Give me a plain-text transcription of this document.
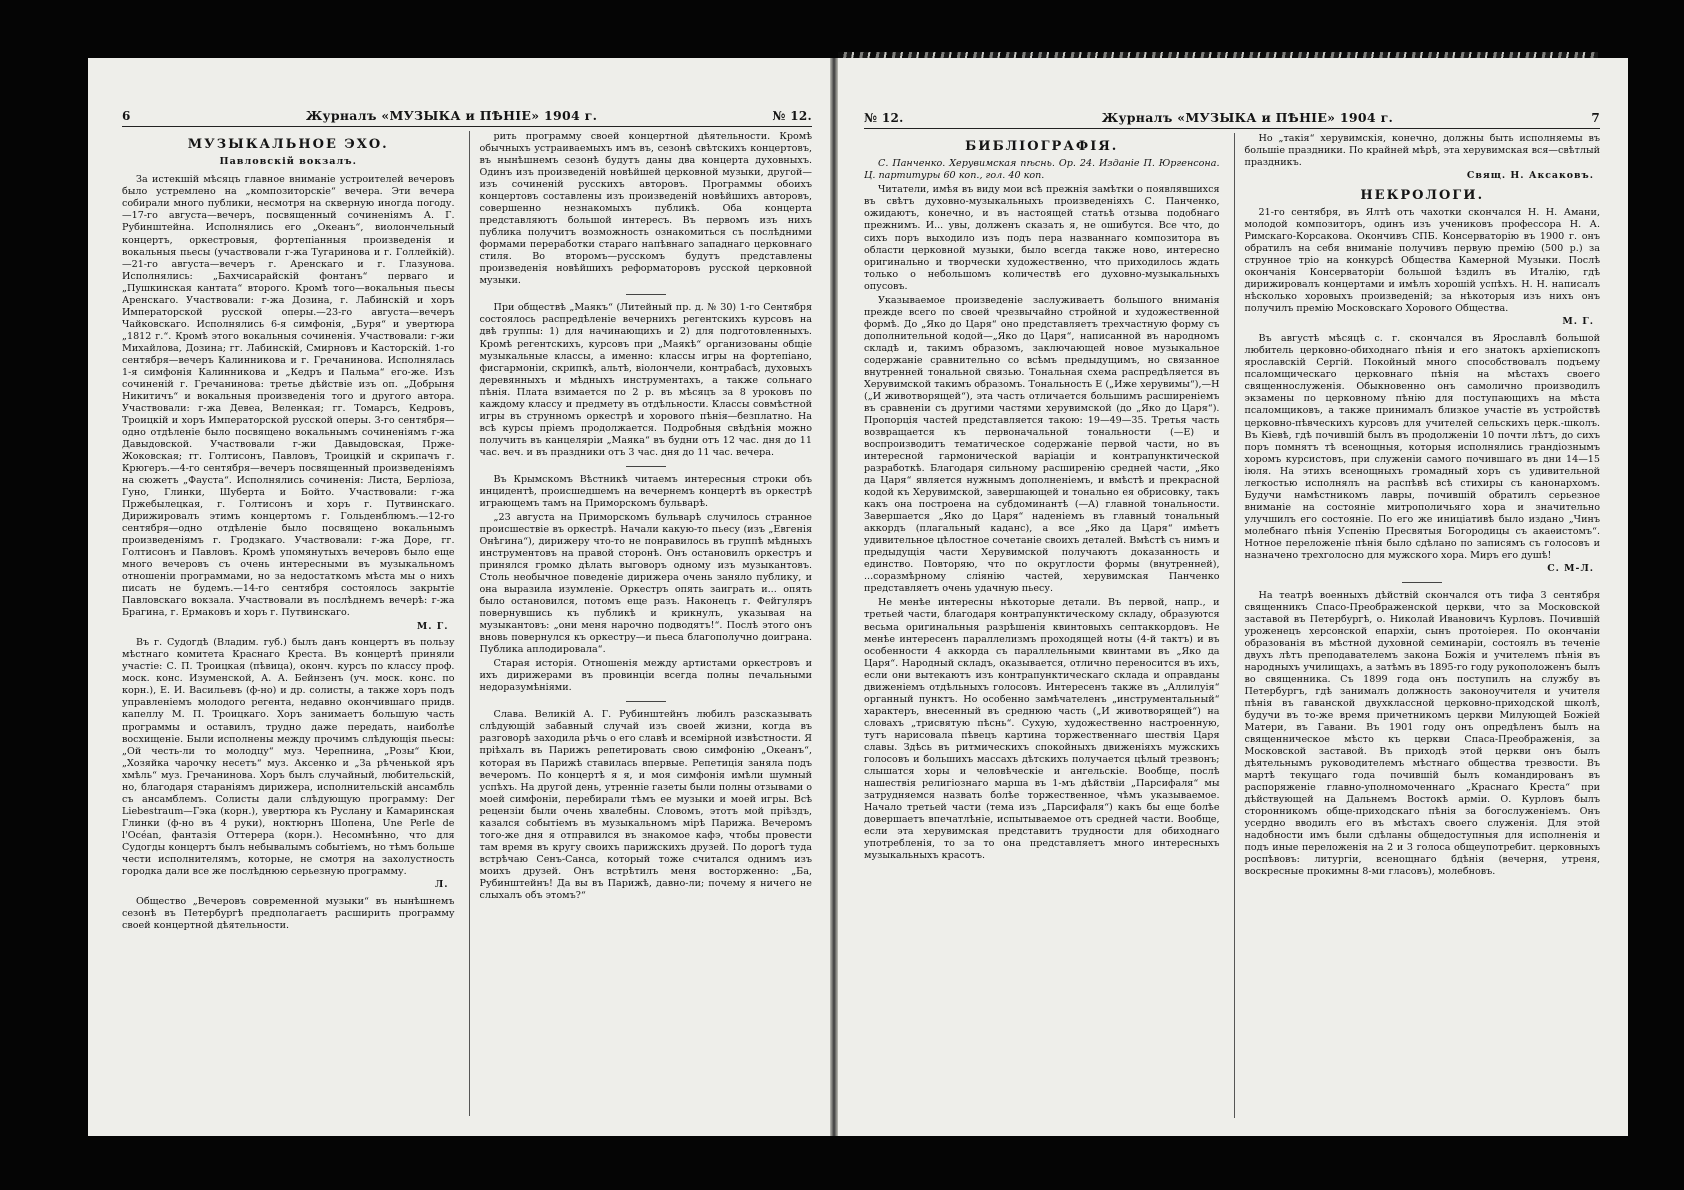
6	Журналъ «МУЗЫКА и ПѢНІЕ» 1904 г.	№ 12.
МУЗЫКАЛЬНОЕ ЭХО.
Павловскій вокзалъ.

За истекшій мѣсяцъ главное вниманіе устроителей вечеровъ было устремлено на „композиторскіе“ вечера. Эти вечера собирали много публики, несмотря на скверную иногда погоду.—17-го августа—вечеръ, посвященный сочиненіямъ А. Г. Рубинштейна. Исполнялись его „Океанъ“, виолончельный концертъ, оркестровыя, фортепіанныя произведенія и вокальныя пьесы (участвовали г-жа Тугаринова и г. Голлейкій).—21-го августа—вечеръ г. Аренскаго и г. Глазунова. Исполнялись: „Бахчисарайскій фонтанъ“ перваго и „Пушкинская кантата“ второго. Кромѣ того—вокальныя пьесы Аренскаго. Участвовали: г-жа Дозина, г. Лабинскій и хоръ Императорской русской оперы.—23-го августа—вечеръ Чайковскаго. Исполнялись 6-я симфонія, „Буря“ и увертюра „1812 г.“. Кромѣ этого вокальныя сочиненія. Участвовали: г-жи Михайлова, Дозина; гг. Лабинскій, Смирновъ и Касторскій. 1-го сентября—вечеръ Калинникова и г. Гречанинова. Исполнялась 1-я симфонія Калинникова и „Кедръ и Пальма“ его-же. Изъ сочиненій г. Гречанинова: третье дѣйствіе изъ оп. „Добрыня Никитичъ“ и вокальныя произведенія того и другого автора. Участвовали: г-жа Девеа, Веленкая; гг. Томарсъ, Кедровъ, Троицкій и хоръ Императорской русской оперы. 3-го сентября—одно отдѣленіе было посвящено вокальнымъ сочиненіямъ г-жа Давыдовской. Участвовали г-жи Давыдовская, Прже-Жоковская; гг. Голтисонъ, Павловъ, Троицкій и скрипачъ г. Крюгеръ.—4-го сентября—вечеръ посвященный произведеніямъ на сюжетъ „Фауста“. Исполнялись сочиненія: Листа, Берліоза, Гуно, Глинки, Шуберта и Бойто. Участвовали: г-жа Пржебылецкая, г. Голтисонъ и хоръ г. Путвинскаго. Дирижировалъ этимъ концертомъ г. Гольденблюмъ.—12-го сентября—одно отдѣленіе было посвящено вокальнымъ произведеніямъ г. Гродзкаго. Участвовали: г-жа Доре, гг. Голтисонъ и Павловъ. Кромѣ упомянутыхъ вечеровъ было еще много вечеровъ съ очень интересными въ музыкальномъ отношеніи программами, но за недостаткомъ мѣста мы о нихъ писать не будемъ.—14-го сентября состоялось закрытіе Павловскаго вокзала. Участвовали въ послѣднемъ вечерѣ: г-жа Брагина, г. Ермаковъ и хоръ г. Путвинскаго.

М. Г.

Въ г. Судогдѣ (Владим. губ.) былъ данъ концертъ въ пользу мѣстнаго комитета Краснаго Креста. Въ концертѣ приняли участіе: С. П. Троицкая (пѣвица), оконч. курсъ по классу проф. моск. конс. Изуменской, А. А. Бейнзенъ (уч. моск. конс. по корн.), Е. И. Васильевъ (ф-но) и др. солисты, а также хоръ подъ управленіемъ молодого регента, недавно окончившаго придв. капеллу М. П. Троицкаго. Хоръ занимаетъ большую часть программы и оставилъ, трудно даже передать, наиболѣе восхищеніе. Были исполнены между прочимъ слѣдующія пьесы: „Ой честь-ли то молодцу“ муз. Черепнина, „Розы“ Кюи, „Хозяйка чарочку несетъ“ муз. Аксенко и „За рѣченькой яръ хмѣль“ муз. Гречанинова. Хоръ былъ случайный, любительскій, но, благодаря стараніямъ дирижера, исполнительскій ансамбль съ ансамблемъ. Солисты дали слѣдующую программу: Der Liebestraum—Гэка (корн.), увертюра къ Руслану и Камаринская Глинки (ф-но въ 4 руки), ноктюрнъ Шопена, Une Perle de l'Océan, фантазія Оттерера (корн.). Несомнѣнно, что для Судогды концертъ былъ небывалымъ событіемъ, но тѣмъ больше чести исполнителямъ, которые, не смотря на захолустность городка дали все же послѣднюю серьезную программу.

Л.

Общество „Вечеровъ современной музыки“ въ нынѣшнемъ сезонѣ въ Петербургѣ предполагаетъ расширить программу своей концертной дѣятельности.

рить программу своей концертной дѣятельности. Кромѣ обычныхъ устраиваемыхъ имъ въ, сезонѣ свѣтскихъ концертовъ, въ нынѣшнемъ сезонѣ будутъ даны два концерта духовныхъ. Одинъ изъ произведеній новѣйшей церковной музыки, другой—изъ сочиненій русскихъ авторовъ. Программы обоихъ концертовъ составлены изъ произведеній новѣйшихъ авторовъ, совершенно незнакомыхъ публикѣ. Оба концерта представляютъ большой интересъ. Въ первомъ изъ нихъ публика получитъ возможность ознакомиться съ послѣдними формами переработки стараго напѣвнаго западнаго церковнаго стиля. Во второмъ—русскомъ будутъ представлены произведенія новѣйшихъ реформаторовъ русской церковной музыки.

При обществѣ „Маякъ“ (Литейный пр. д. № 30) 1-го Сентября состоялось распредѣленіе вечернихъ регентскихъ курсовъ на двѣ группы: 1) для начинающихъ и 2) для подготовленныхъ. Кромѣ регентскихъ, курсовъ при „Маякѣ“ организованы общіе музыкальные классы, а именно: классы игры на фортепіано, фисгармоніи, скрипкѣ, альтѣ, віолончели, контрабасѣ, духовыхъ деревянныхъ и мѣдныхъ инструментахъ, а также сольнаго пѣнія. Плата взимается по 2 р. въ мѣсяцъ за 8 уроковъ по каждому классу и предмету въ отдѣльности. Классы совмѣстной игры въ струнномъ оркестрѣ и хорового пѣнія—безплатно. На всѣ курсы пріемъ продолжается. Подробныя свѣдѣнія можно получить въ канцеляріи „Маяка“ въ будни отъ 12 час. дня до 11 час. веч. и въ праздники отъ 3 час. дня до 11 час. вечера.

Въ Крымскомъ Вѣстникѣ читаемъ интересныя строки объ инцидентѣ, происшедшемъ на вечернемъ концертѣ въ оркестрѣ играющемъ тамъ на Приморскомъ бульварѣ.

„23 августа на Приморскомъ бульварѣ случилось странное происшествіе въ оркестрѣ. Начали какую-то пьесу (изъ „Евгенія Онѣгина“), дирижеру что-то не понравилось въ группѣ мѣдныхъ инструментовъ на правой сторонѣ. Онъ остановилъ оркестръ и принялся громко дѣлать выговоръ одному изъ музыкантовъ. Столь необычное поведеніе дирижера очень заняло публику, и она выразила изумленіе. Оркестръ опять заиграть и... опять было остановился, потомъ еще разъ. Наконецъ г. Фейгуляръ повернувшись къ публикѣ и крикнулъ, указывая на музыкантовъ: „они меня нарочно подводятъ!“. Послѣ этого онъ вновь повернулся къ оркестру—и пьеса благополучно доиграна. Публика аплодировала“.

Старая исторія. Отношенія между артистами оркестровъ и ихъ дирижерами въ провинціи всегда полны печальными недоразумѣніями.

Слава. Великій А. Г. Рубинштейнъ любилъ разсказывать слѣдующій забавный случай изъ своей жизни, когда въ разговорѣ заходила рѣчь о его славѣ и всемірной извѣстности. Я пріѣхалъ въ Парижъ репетировать свою симфонію „Океанъ“, которая въ Парижѣ ставилась впервые. Репетиція заняла подъ вечеромъ. По концертѣ я я, и моя симфонія имѣли шумный успѣхъ. На другой день, утренніе газеты были полны отзывами о моей симфоніи, перебирали тѣмъ ее музыки и моей игры. Всѣ рецензіи были очень хвалебны. Словомъ, этотъ мой пріѣздъ, казался событіемъ въ музыкальномъ мірѣ Парижа. Вечеромъ того-же дня я отправился въ знакомое кафэ, чтобы провести там время въ кругу своихъ парижскихъ друзей. По дорогѣ туда встрѣчаю Сенъ-Санса, который тоже считался однимъ изъ моихъ друзей. Онъ встрѣтилъ меня восторженно: „Ба, Рубинштейнъ! Да вы въ Парижѣ, давно-ли; почему я ничего не слыхалъ объ этомъ?“

№ 12.	Журналъ «МУЗЫКА и ПѢНІЕ» 1904 г.	7
БИБЛІОГРАФІЯ.

С. Панченко. Херувимская пѣснь. Ор. 24. Изданіе П. Юргенсона. Ц. партитуры 60 коп., гол. 40 коп.

Читатели, имѣя въ виду мои всѣ прежнія замѣтки о появлявшихся въ свѣтъ духовно-музыкальныхъ произведеніяхъ С. Панченко, ожидаютъ, конечно, и въ настоящей статьѣ отзыва подобнаго прежнимъ. И... увы, долженъ сказать я, не ошибутся. Все что, до сихъ поръ выходило изъ подъ пера названнаго композитора въ области церковной музыки, было всегда также ново, интересно оригинально и творчески художественно, что приходилось ждать только о небольшомъ количествѣ его духовно-музыкальныхъ опусовъ.

Указываемое произведеніе заслуживаетъ большого вниманія прежде всего по своей чрезвычайно стройной и художественной формѣ. До „Яко до Царя“ оно представляетъ трехчастную форму съ дополнительной кодой—„Яко до Царя“, написанной въ народномъ складѣ и, такимъ образомъ, заключающей новое музыкальное содержаніе сравнительно со всѣмъ предыдущимъ, но связанное внутренней тональной связью. Тональная схема распредѣляется въ Херувимской такимъ образомъ. Тональность E („Иже херувимы“),—H („И животворящей“), эта часть отличается большимъ расширеніемъ въ сравненіи съ другими частями херувимской (до „Яко до Царя“). Пропорція частей представляется такою: 19—49—35. Третья часть возвращается къ первоначальной тональности (—E) и воспроизводитъ тематическое содержаніе первой части, но въ интересной гармонической варіаціи и контрапунктической разработкѣ. Благодаря сильному расширенію средней части, „Яко да Царя“ является нужнымъ дополненіемъ, и вмѣстѣ и прекрасной кодой къ Херувимской, завершающей и тонально ея обрисовку, такъ какъ она построена на субдоминантѣ (—A) главной тональности. Завершается „Яко до Царя“ наденіемъ въ главный тональный аккордъ (плагальный каданс), а все „Яко да Царя“ имѣетъ удивительное цѣлостное сочетаніе своихъ деталей. Вмѣстѣ съ нимъ и предыдущія части Херувимской получаютъ доказанность и единство. Повторяю, что по округлости формы (внутренней), ...соразмѣрному сліянію частей, херувимская Панченко представляетъ очень удачную пьесу.

Не менѣе интересны нѣкоторые детали. Въ первой, напр., и третьей части, благодаря контрапунктическому складу, образуются весьма оригинальныя разрѣшенія квинтовыхъ септаккордовъ. Не менѣе интересенъ параллелизмъ проходящей ноты (4-й тактъ) и въ особенности 4 аккорда съ параллельными квинтами въ „Яко да Царя“. Народный складъ, оказывается, отлично переносится въ ихъ, если они вытекаютъ изъ контрапунктическаго склада и оправданы движеніемъ отдѣльныхъ голосовъ. Интересенъ также въ „Аллилуія“ органный пунктъ. Но особенно замѣчателенъ „инструментальный“ характеръ, внесенный въ среднюю часть („И животворящей“) на словахъ „трисвятую пѣснь“. Сухую, художественно настроенную, тутъ нарисовала пѣвецъ картина торжественнаго шествія Царя славы. Здѣсь въ ритмическихъ спокойныхъ движеніяхъ мужскихъ голосовъ и большихъ массахъ дѣтскихъ получается цѣлый трезвонъ; слышатся хоры и человѣческіе и ангельскіе. Вообще, послѣ нашествія религіознаго марша въ 1-мъ дѣйствіи „Парсифаля“ мы затрудняемся назвать болѣе торжественное, чѣмъ указываемое. Начало третьей части (тема изъ „Парсифаля“) какъ бы еще болѣе довершаетъ впечатлѣніе, испытываемое отъ средней части. Вообще, если эта херувимская представитъ трудности для обиходнаго употребленія, то за то она представляетъ много интересныхъ музыкальныхъ красотъ.

Но „такія“ херувимскія, конечно, должны быть исполняемы въ большіе праздники. По крайней мѣрѣ, эта херувимская вся—свѣтлый праздникъ.

Свящ. Н. Аксаковъ.
НЕКРОЛОГИ.

21-го сентября, въ Ялтѣ отъ чахотки скончался Н. Н. Амани, молодой композиторъ, одинъ изъ учениковъ профессора Н. А. Римскаго-Корсакова. Окончивъ СПБ. Консерваторію въ 1900 г. онъ обратилъ на себя вниманіе получивъ первую премію (500 р.) за струнное тріо на конкурсѣ Общества Камерной Музыки. Послѣ окончанія Консерваторіи большой ѣздилъ въ Италію, гдѣ дирижировалъ концертами и имѣлъ хорошій успѣхъ. Н. Н. написалъ нѣсколько хоровыхъ произведеній; за нѣкоторыя изъ нихъ онъ получилъ премію Московскаго Хорового Общества.

М. Г.

Въ августѣ мѣсяцѣ с. г. скончался въ Ярославлѣ большой любитель церковно-обиходнаго пѣнія и его знатокъ архіепископъ ярославскій Сергій. Покойный много способствовалъ подъему псаломщическаго церковнаго пѣнія на мѣстахъ своего священнослуженія. Обыкновенно онъ самолично производилъ экзамены по церковному пѣнію для поступающихъ на мѣста псаломщиковъ, а также принималъ близкое участіе въ устройствѣ церковно-пѣвческихъ курсовъ для учителей сельскихъ церк.-школъ. Въ Кіевѣ, гдѣ почившій былъ въ продолженіи 10 почти лѣтъ, до сихъ поръ помнятъ тѣ всенощныя, которыя исполнялись грандіознымъ хоромъ курсистовъ, при служеніи самого почившаго въ дни 14—15 іюля. На этихъ всенощныхъ громадный хоръ съ удивительной легкостью исполнялъ на распѣвѣ всѣ стихиры съ канонархомъ. Будучи намѣстникомъ лавры, почившій обратилъ серьезное вниманіе на состояніе митрополичьяго хора и значительно улучшилъ его состояніе. По его же иниціативѣ было издано „Чинъ молебнаго пѣнія Успенію Пресвятыя Богородицы съ акаѳистомъ“. Нотное переложеніе пѣнія было сдѣлано по записямъ съ голосовъ и назначено трехголосно для мужского хора. Миръ его душѣ!

С. М-Л.

На театрѣ военныхъ дѣйствій скончался отъ тифа 3 сентября священникъ Спасо-Преображенской церкви, что за Московской заставой въ Петербургѣ, о. Николай Ивановичъ Курловъ. Почившій уроженецъ херсонской епархіи, сынъ протоіерея. По окончаніи образованія въ мѣстной духовной семинаріи, состоялъ въ теченіе двухъ лѣтъ преподавателемъ закона Божія и учителемъ пѣнія въ народныхъ училищахъ, а затѣмъ въ 1895-го году рукоположенъ былъ во священника. Съ 1899 года онъ поступилъ на службу въ Петербургъ, гдѣ занималъ должность законоучителя и учителя пѣнія въ гаванской двухклассной церковно-приходской школѣ, будучи въ то-же время причетникомъ церкви Милующей Божіей Матери, въ Гавани. Въ 1901 году онъ опредѣленъ былъ на священническое мѣсто къ церкви Спаса-Преображенія, за Московской заставой. Въ приходѣ этой церкви онъ былъ дѣятельнымъ руководителемъ мѣстнаго общества трезвости. Въ мартѣ текущаго года почившій былъ командированъ въ распоряженіе главно-уполномоченнаго „Краснаго Креста“ при дѣйствующей на Дальнемъ Востокѣ арміи. О. Курловъ былъ сторонникомъ обще-приходскаго пѣнія за богослуженіемъ. Онъ усердно вводилъ его въ мѣстахъ своего служенія. Для этой надобности имъ были сдѣланы общедоступныя для исполненія и подъ иные переложенія на 2 и 3 голоса общеупотребит. церковныхъ роспѣвовъ: литургіи, всенощнаго бдѣнія (вечерня, утреня, воскресные прокимны 8-ми гласовъ), молебновъ.
